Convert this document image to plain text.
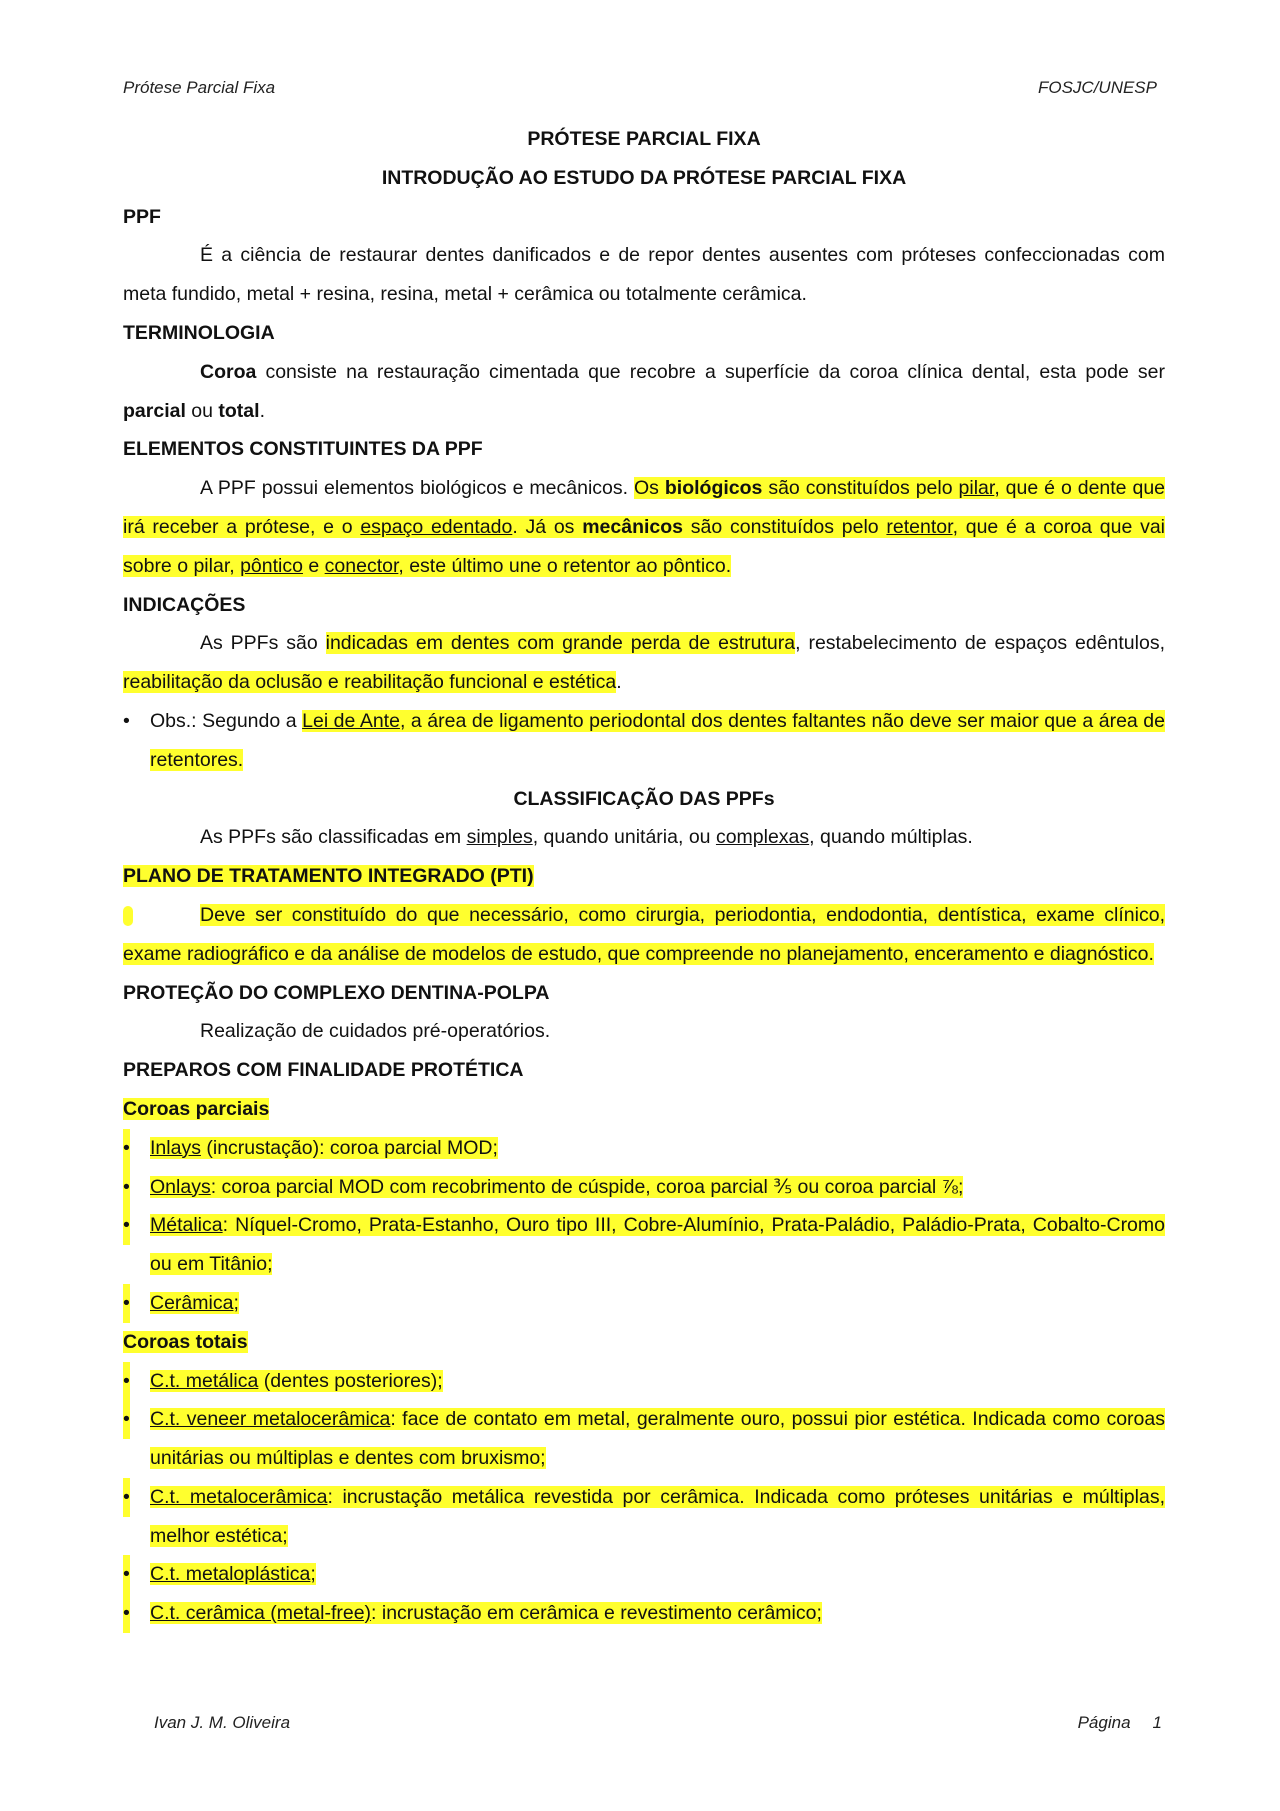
Prótese Parcial Fixa	FOSJC/UNESP

PRÓTESE PARCIAL FIXA

INTRODUÇÃO AO ESTUDO DA PRÓTESE PARCIAL FIXA

PPF

É a ciência de restaurar dentes danificados e de repor dentes ausentes com próteses confeccionadas com meta fundido, metal + resina, resina, metal + cerâmica ou totalmente cerâmica.

TERMINOLOGIA

Coroa consiste na restauração cimentada que recobre a superfície da coroa clínica dental, esta pode ser parcial ou total.

ELEMENTOS CONSTITUINTES DA PPF

A PPF possui elementos biológicos e mecânicos. Os biológicos são constituídos pelo pilar, que é o dente que irá receber a prótese, e o espaço edentado. Já os mecânicos são constituídos pelo retentor, que é a coroa que vai sobre o pilar, pôntico e conector, este último une o retentor ao pôntico.

INDICAÇÕES

As PPFs são indicadas em dentes com grande perda de estrutura, restabelecimento de espaços edêntulos, reabilitação da oclusão e reabilitação funcional e estética.

• Obs.: Segundo a Lei de Ante, a área de ligamento periodontal dos dentes faltantes não deve ser maior que a área de retentores.

CLASSIFICAÇÃO DAS PPFs

As PPFs são classificadas em simples, quando unitária, ou complexas, quando múltiplas.

PLANO DE TRATAMENTO INTEGRADO (PTI)

Deve ser constituído do que necessário, como cirurgia, periodontia, endodontia, dentística, exame clínico, exame radiográfico e da análise de modelos de estudo, que compreende no planejamento, enceramento e diagnóstico.

PROTEÇÃO DO COMPLEXO DENTINA-POLPA

Realização de cuidados pré-operatórios.

PREPAROS COM FINALIDADE PROTÉTICA

Coroas parciais

• Inlays (incrustação): coroa parcial MOD;
• Onlays: coroa parcial MOD com recobrimento de cúspide, coroa parcial ⅗ ou coroa parcial ⅞;
• Métalica: Níquel-Cromo, Prata-Estanho, Ouro tipo III, Cobre-Alumínio, Prata-Paládio, Paládio-Prata, Cobalto-Cromo ou em Titânio;
• Cerâmica;

Coroas totais

• C.t. metálica (dentes posteriores);
• C.t. veneer metalocerâmica: face de contato em metal, geralmente ouro, possui pior estética. Indicada como coroas unitárias ou múltiplas e dentes com bruxismo;
• C.t. metalocerâmica: incrustação metálica revestida por cerâmica. Indicada como próteses unitárias e múltiplas, melhor estética;
• C.t. metaloplástica;
• C.t. cerâmica (metal-free): incrustação em cerâmica e revestimento cerâmico;
Ivan J. M. Oliveira	Página 1
